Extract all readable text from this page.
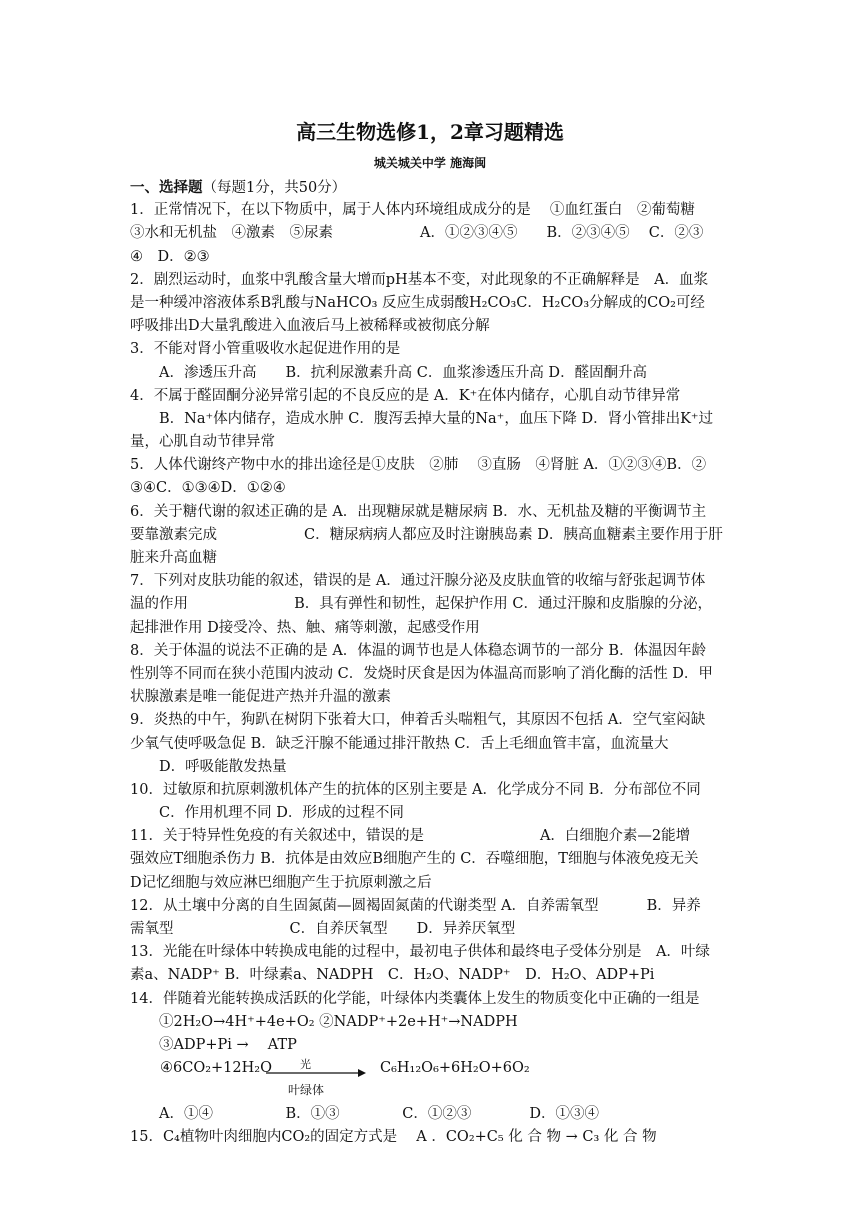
高三生物选修1，2章习题精选
城关城关中学 施海闽
一、选择题（每题1分，共50分）
1．正常情况下，在以下物质中，属于人体内环境组成成分的是　 ①血红蛋白　②葡萄糖
③水和无机盐　④激素　⑤尿素　　　　　　A．①②③④⑤　　B．②③④⑤　 C．②③
④　D．②③
2．剧烈运动时，血浆中乳酸含量大增而pH基本不变，对此现象的不正确解释是　A．血浆
是一种缓冲溶液体系B乳酸与NaHCO₃ 反应生成弱酸H₂CO₃C．H₂CO₃分解成的CO₂可经
呼吸排出D大量乳酸进入血液后马上被稀释或被彻底分解
3．不能对肾小管重吸收水起促进作用的是
　　A．渗透压升高　　B．抗利尿激素升高 C．血浆渗透压升高 D．醛固酮升高
4．不属于醛固酮分泌异常引起的不良反应的是 A．K⁺在体内储存，心肌自动节律异常
　　B．Na⁺体内储存，造成水肿 C．腹泻丢掉大量的Na⁺，血压下降 D．肾小管排出K⁺过
量，心肌自动节律异常
5．人体代谢终产物中水的排出途径是①皮肤　②肺　 ③直肠　④肾脏 A．①②③④B．②
③④C．①③④D．①②④
6．关于糖代谢的叙述正确的是 A．出现糖尿就是糖尿病 B．水、无机盐及糖的平衡调节主
要靠激素完成　　　　　　C．糖尿病病人都应及时注谢胰岛素 D．胰高血糖素主要作用于肝
脏来升高血糖
7．下列对皮肤功能的叙述，错误的是 A．通过汗腺分泌及皮肤血管的收缩与舒张起调节体
温的作用　　　　　　　 B．具有弹性和韧性，起保护作用 C．通过汗腺和皮脂腺的分泌，
起排泄作用 D接受冷、热、触、痛等刺激，起感受作用
8．关于体温的说法不正确的是 A．体温的调节也是人体稳态调节的一部分 B．体温因年龄
性别等不同而在狭小范围内波动 C．发烧时厌食是因为体温高而影响了消化酶的活性 D．甲
状腺激素是唯一能促进产热并升温的激素
9．炎热的中午，狗趴在树阴下张着大口，伸着舌头喘粗气，其原因不包括 A．空气室闷缺
少氧气使呼吸急促 B．缺乏汗腺不能通过排汗散热 C．舌上毛细血管丰富，血流量大
　　D．呼吸能散发热量
10．过敏原和抗原刺激机体产生的抗体的区别主要是 A．化学成分不同 B．分布部位不同
　　C．作用机理不同 D．形成的过程不同
11．关于特异性免疫的有关叙述中，错误的是　　　　　　　　A．白细胞介素—2能增
强效应T细胞杀伤力 B．抗体是由效应B细胞产生的 C．吞噬细胞，T细胞与体液免疫无关
D记忆细胞与效应淋巴细胞产生于抗原刺激之后
12．从土壤中分离的自生固氮菌—圆褐固氮菌的代谢类型 A．自养需氧型　　　 B．异养
需氧型　　　　　　　　C．自养厌氧型　　D．异养厌氧型
13．光能在叶绿体中转换成电能的过程中，最初电子供体和最终电子受体分别是　A．叶绿
素a、NADP⁺ B．叶绿素a、NADPH　C．H₂O、NADP⁺　D．H₂O、ADP+Pi
14．伴随着光能转换成活跃的化学能，叶绿体内类囊体上发生的物质变化中正确的一组是
　　①2H₂O→4H⁺+4e+O₂ ②NADP⁺+2e+H⁺→NADPH
　　③ADP+Pi →　 ATP
④6CO₂+12H₂O	光
叶绿体
C₆H₁₂O₆+6H₂O+6O₂
　　A．①④　　　　　B．①③　　　　 C．①②③　　　　D．①③④
15．C₄植物叶肉细胞内CO₂的固定方式是　 A ．CO₂+C₅ 化 合 物 → C₃ 化 合 物
